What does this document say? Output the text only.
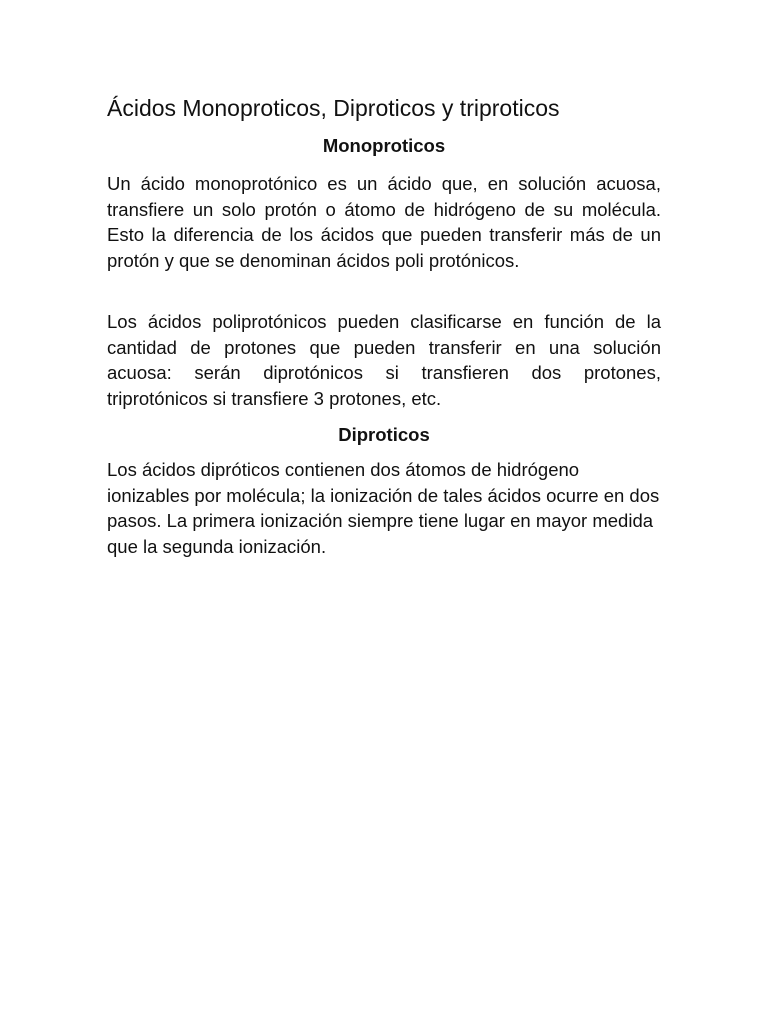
Ácidos Monoproticos, Diproticos y triproticos
Monoproticos

Un ácido monoprotónico es un ácido que, en solución acuosa, transfiere un solo protón o átomo de hidrógeno de su molécula. Esto la diferencia de los ácidos que pueden transferir más de un protón y que se denominan ácidos poli protónicos.

Los ácidos poliprotónicos pueden clasificarse en función de la cantidad de protones que pueden transferir en una solución acuosa: serán diprotónicos si transfieren dos protones, triprotónicos si transfiere 3 protones, etc.

Diproticos

Los ácidos dipróticos contienen dos átomos de hidrógeno ionizables por molécula; la ionización de tales ácidos ocurre en dos pasos. La primera ionización siempre tiene lugar en mayor medida que la segunda ionización.
